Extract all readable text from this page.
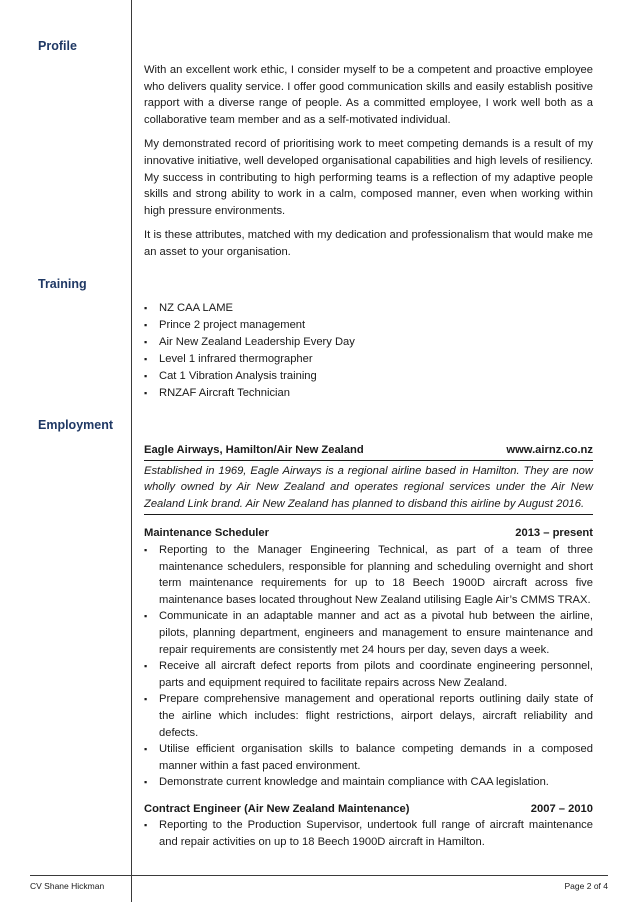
Profile

With an excellent work ethic, I consider myself to be a competent and proactive employee who delivers quality service. I offer good communication skills and easily establish positive rapport with a diverse range of people. As a committed employee, I work well both as a collaborative team member and as a self-motivated individual.

My demonstrated record of prioritising work to meet competing demands is a result of my innovative initiative, well developed organisational capabilities and high levels of resiliency. My success in contributing to high performing teams is a reflection of my adaptive people skills and strong ability to work in a calm, composed manner, even when working within high pressure environments.

It is these attributes, matched with my dedication and professionalism that would make me an asset to your organisation.

Training
▪ NZ CAA LAME
▪ Prince 2 project management
▪ Air New Zealand Leadership Every Day
▪ Level 1 infrared thermographer
▪ Cat 1 Vibration Analysis training
▪ RNZAF Aircraft Technician
Employment
Eagle Airways, Hamilton/Air New Zealand	www.airnz.co.nz

Established in 1969, Eagle Airways is a regional airline based in Hamilton. They are now wholly owned by Air New Zealand and operates regional services under the Air New Zealand Link brand. Air New Zealand has planned to disband this airline by August 2016.

Maintenance Scheduler	2013 – present
▪ Reporting to the Manager Engineering Technical, as part of a team of three maintenance schedulers, responsible for planning and scheduling overnight and short term maintenance requirements for up to 18 Beech 1900D aircraft across five maintenance bases located throughout New Zealand utilising Eagle Air’s CMMS TRAX.
▪ Communicate in an adaptable manner and act as a pivotal hub between the airline, pilots, planning department, engineers and management to ensure maintenance and repair requirements are consistently met 24 hours per day, seven days a week.
▪ Receive all aircraft defect reports from pilots and coordinate engineering personnel, parts and equipment required to facilitate repairs across New Zealand.
▪ Prepare comprehensive management and operational reports outlining daily state of the airline which includes: flight restrictions, airport delays, aircraft reliability and defects.
▪ Utilise efficient organisation skills to balance competing demands in a composed manner within a fast paced environment.
▪ Demonstrate current knowledge and maintain compliance with CAA legislation.
Contract Engineer (Air New Zealand Maintenance)	2007 – 2010
▪ Reporting to the Production Supervisor, undertook full range of aircraft maintenance and repair activities on up to 18 Beech 1900D aircraft in Hamilton.
CV Shane Hickman	Page 2 of 4
